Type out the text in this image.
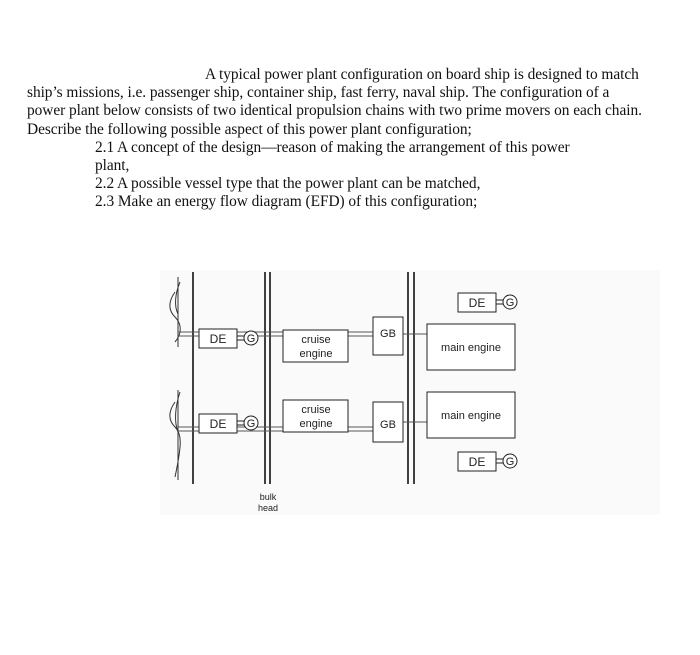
A typical power plant configuration on board ship is designed to match ship’s missions, i.e. passenger ship, container ship, fast ferry, naval ship. The configuration of a power plant below consists of two identical propulsion chains with two prime movers on each chain. Describe the following possible aspect of this power plant configuration;

2.1 A concept of the design—reason of making the arrangement of this power
plant,
2.2 A possible vessel type that the power plant can be matched,
2.3 Make an energy flow diagram (EFD) of this configuration;
DE G	cruise
engine
GB
main engine
DE G
DE G
cruise
engine	GB
main engine
DE G
bulk
head
